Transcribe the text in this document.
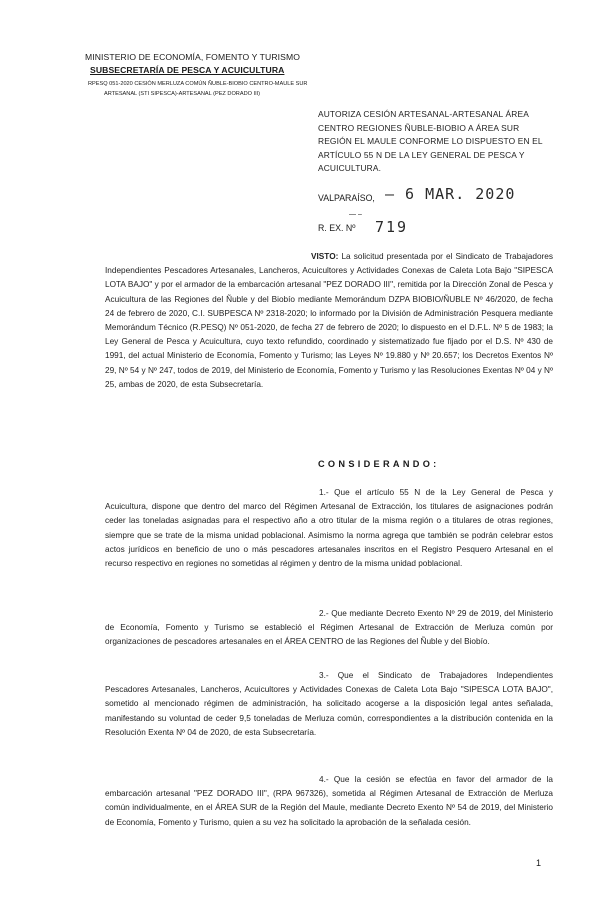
MINISTERIO DE ECONOMÍA, FOMENTO Y TURISMO
SUBSECRETARÍA DE PESCA Y ACUICULTURA
RPESQ 051-2020 CESIÓN MERLUZA COMÚN ÑUBLE-BIOBIO CENTRO-MAULE SUR
ARTESANAL (STI SIPESCA)-ARTESANAL (PEZ DORADO III)
AUTORIZA CESIÓN ARTESANAL-ARTESANAL ÁREA CENTRO REGIONES ÑUBLE-BIOBIO A ÁREA SUR REGIÓN EL MAULE CONFORME LO DISPUESTO EN EL ARTÍCULO 55 N DE LA LEY GENERAL DE PESCA Y ACUICULTURA.
VALPARAÍSO, – 6 MAR. 2020
— –
R. EX. Nº 719
VISTO: La solicitud presentada por el Sindicato de Trabajadores Independientes Pescadores Artesanales, Lancheros, Acuicultores y Actividades Conexas de Caleta Lota Bajo "SIPESCA LOTA BAJO" y por el armador de la embarcación artesanal "PEZ DORADO III", remitida por la Dirección Zonal de Pesca y Acuicultura de las Regiones del Ñuble y del Biobío mediante Memorándum DZPA BIOBIO/ÑUBLE Nº 46/2020, de fecha 24 de febrero de 2020, C.I. SUBPESCA Nº 2318-2020; lo informado por la División de Administración Pesquera mediante Memorándum Técnico (R.PESQ) Nº 051-2020, de fecha 27 de febrero de 2020; lo dispuesto en el D.F.L. Nº 5 de 1983; la Ley General de Pesca y Acuicultura, cuyo texto refundido, coordinado y sistematizado fue fijado por el D.S. Nº 430 de 1991, del actual Ministerio de Economía, Fomento y Turismo; las Leyes Nº 19.880 y Nº 20.657; los Decretos Exentos Nº 29, Nº 54 y Nº 247, todos de 2019, del Ministerio de Economía, Fomento y Turismo y las Resoluciones Exentas Nº 04 y Nº 25, ambas de 2020, de esta Subsecretaría.
CONSIDERANDO:
1.- Que el artículo 55 N de la Ley General de Pesca y Acuicultura, dispone que dentro del marco del Régimen Artesanal de Extracción, los titulares de asignaciones podrán ceder las toneladas asignadas para el respectivo año a otro titular de la misma región o a titulares de otras regiones, siempre que se trate de la misma unidad poblacional. Asimismo la norma agrega que también se podrán celebrar estos actos jurídicos en beneficio de uno o más pescadores artesanales inscritos en el Registro Pesquero Artesanal en el recurso respectivo en regiones no sometidas al régimen y dentro de la misma unidad poblacional.
2.- Que mediante Decreto Exento Nº 29 de 2019, del Ministerio de Economía, Fomento y Turismo se estableció el Régimen Artesanal de Extracción de Merluza común por organizaciones de pescadores artesanales en el ÁREA CENTRO de las Regiones del Ñuble y del Biobío.
3.- Que el Sindicato de Trabajadores Independientes Pescadores Artesanales, Lancheros, Acuicultores y Actividades Conexas de Caleta Lota Bajo "SIPESCA LOTA BAJO", sometido al mencionado régimen de administración, ha solicitado acogerse a la disposición legal antes señalada, manifestando su voluntad de ceder 9,5 toneladas de Merluza común, correspondientes a la distribución contenida en la Resolución Exenta Nº 04 de 2020, de esta Subsecretaría.
4.- Que la cesión se efectúa en favor del armador de la embarcación artesanal "PEZ DORADO III", (RPA 967326), sometida al Régimen Artesanal de Extracción de Merluza común individualmente, en el ÁREA SUR de la Región del Maule, mediante Decreto Exento Nº 54 de 2019, del Ministerio de Economía, Fomento y Turismo, quien a su vez ha solicitado la aprobación de la señalada cesión.
1
